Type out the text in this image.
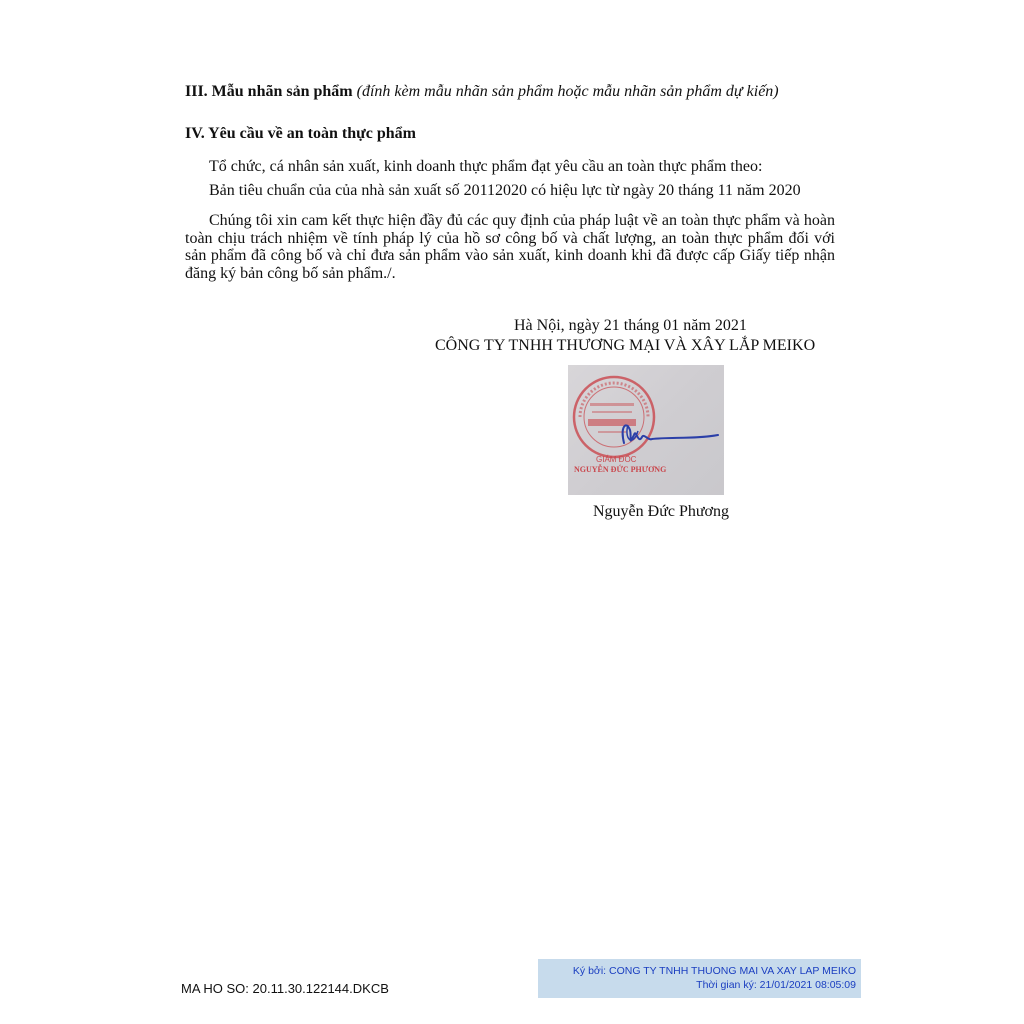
III. Mẫu nhãn sản phẩm (đính kèm mẫu nhãn sản phẩm hoặc mẫu nhãn sản phẩm dự kiến)
IV. Yêu cầu về an toàn thực phẩm
Tổ chức, cá nhân sản xuất, kinh doanh thực phẩm đạt yêu cầu an toàn thực phẩm theo:
Bản tiêu chuẩn của của nhà sản xuất số 20112020 có hiệu lực từ ngày 20 tháng 11 năm 2020
Chúng tôi xin cam kết thực hiện đầy đủ các quy định của pháp luật về an toàn thực phẩm và hoàn toàn chịu trách nhiệm về tính pháp lý của hồ sơ công bố và chất lượng, an toàn thực phẩm đối với sản phẩm đã công bố và chỉ đưa sản phẩm vào sản xuất, kinh doanh khi đã được cấp Giấy tiếp nhận đăng ký bản công bố sản phẩm./.
Hà Nội, ngày 21 tháng 01 năm 2021
CÔNG TY TNHH THƯƠNG MẠI VÀ XÂY LẮP MEIKO
GIÁM ĐỐC
NGUYỄN ĐỨC PHƯƠNG
Nguyễn Đức Phương
MA HO SO: 20.11.30.122144.DKCB
Ký bởi: CONG TY TNHH THUONG MAI VA XAY LAP MEIKO
Thời gian ký: 21/01/2021 08:05:09
